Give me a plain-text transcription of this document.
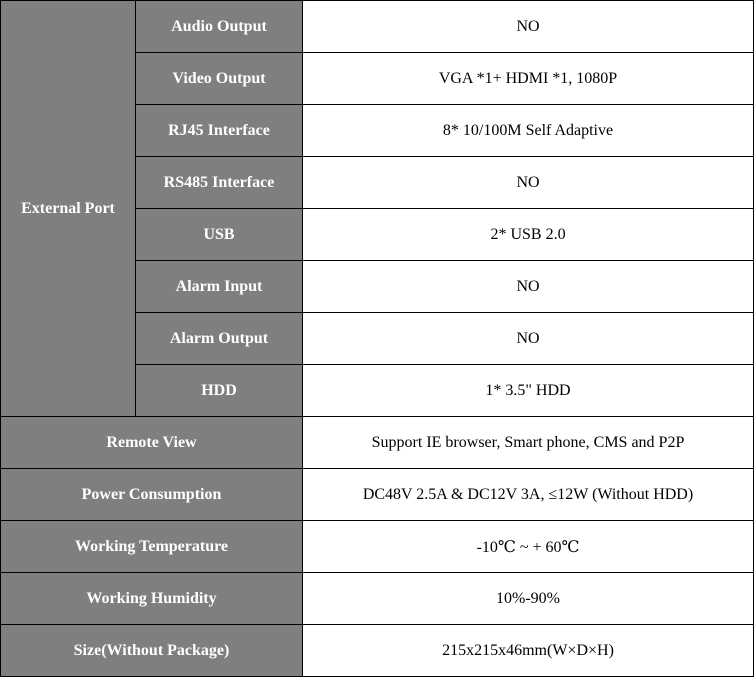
External Port	Audio Output	NO
	Video Output	VGA *1+ HDMI *1, 1080P
	RJ45 Interface	8* 10/100M Self Adaptive
	RS485 Interface	NO
	USB	2* USB 2.0
	Alarm Input	NO
	Alarm Output	NO
	HDD	1* 3.5" HDD
Remote View		Support IE browser, Smart phone, CMS and P2P
Power Consumption		DC48V 2.5A & DC12V 3A, ≤12W (Without HDD)
Working Temperature		-10℃ ~ + 60℃
Working Humidity		10%-90%
Size(Without Package)		215x215x46mm(W×D×H)
